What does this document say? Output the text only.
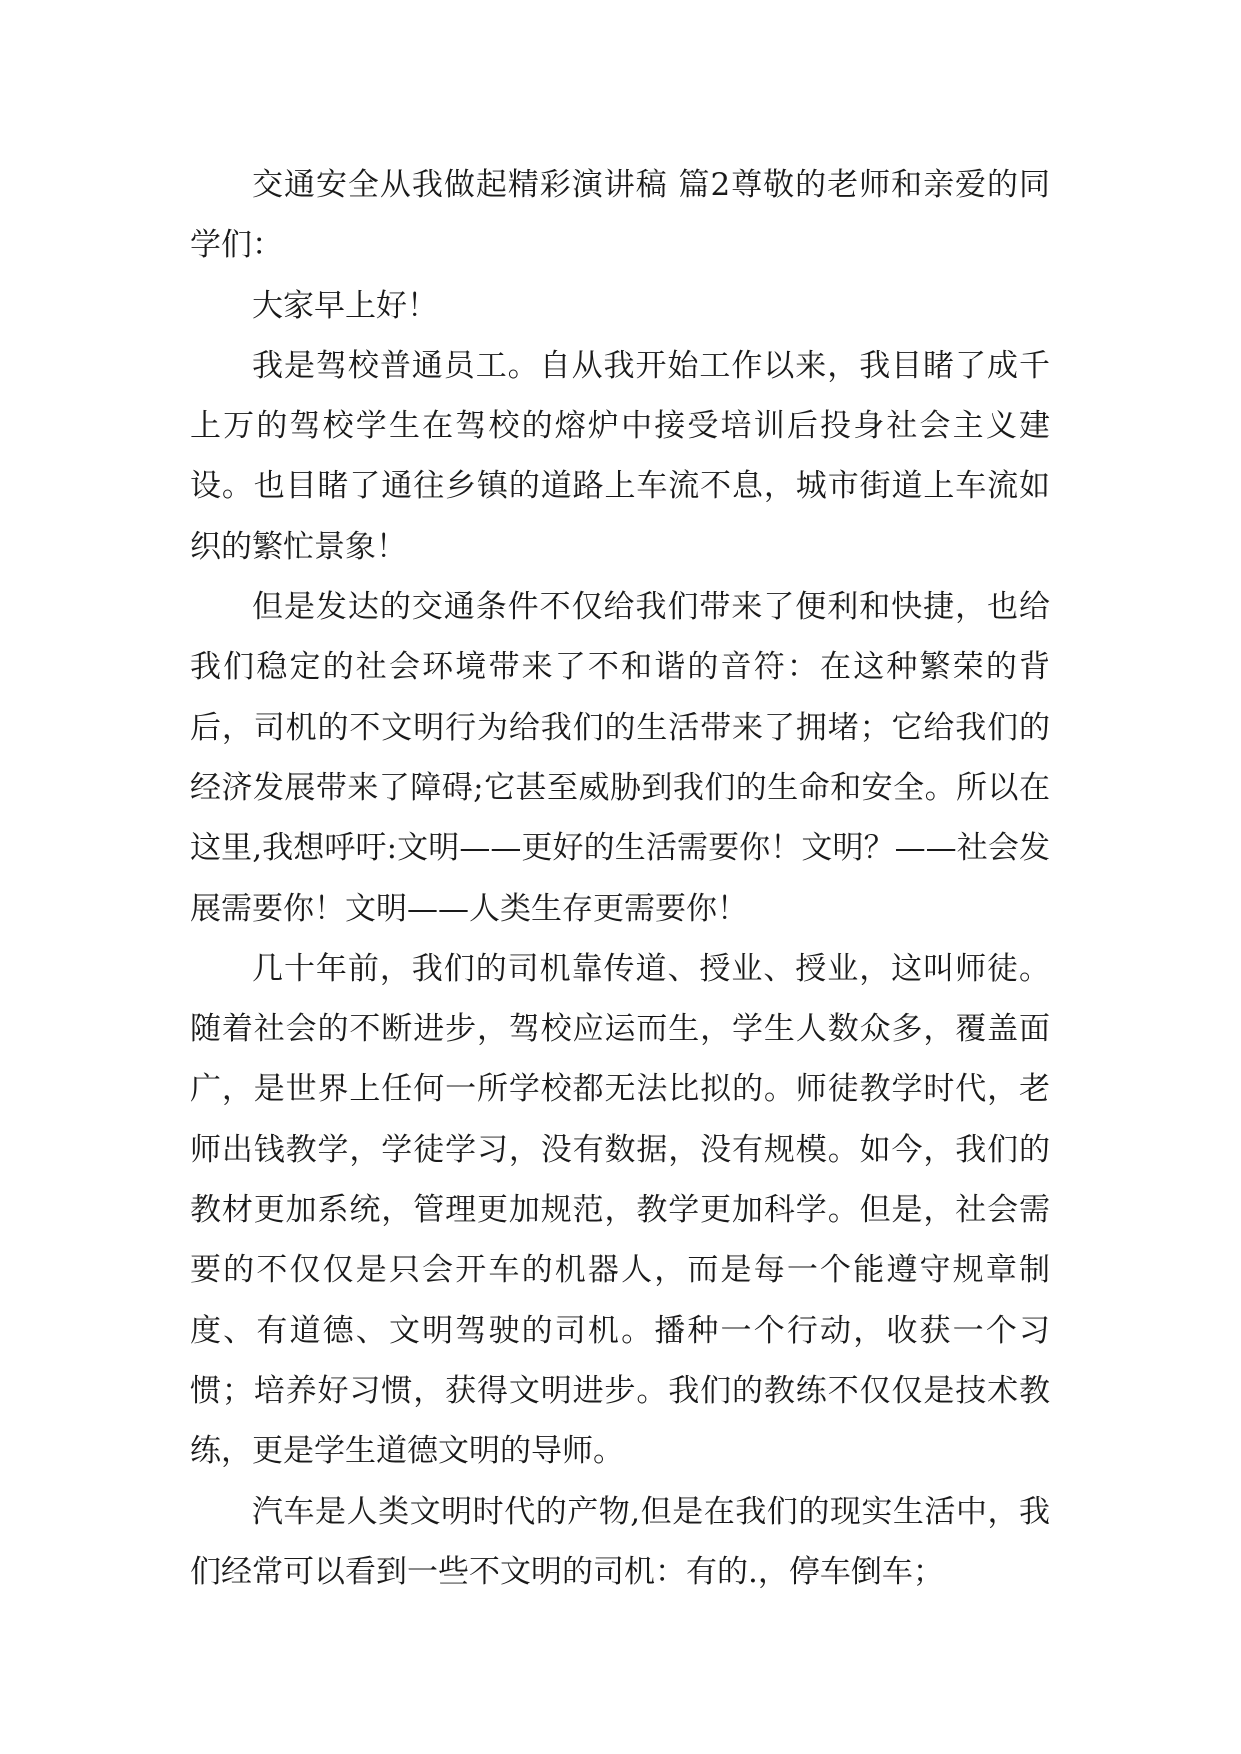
交通安全从我做起精彩演讲稿 篇2尊敬的老师和亲爱的同学们：

大家早上好！

我是驾校普通员工。自从我开始工作以来，我目睹了成千上万的驾校学生在驾校的熔炉中接受培训后投身社会主义建设。也目睹了通往乡镇的道路上车流不息，城市街道上车流如织的繁忙景象！

但是发达的交通条件不仅给我们带来了便利和快捷，也给我们稳定的社会环境带来了不和谐的音符：在这种繁荣的背后，司机的不文明行为给我们的生活带来了拥堵；它给我们的经济发展带来了障碍;它甚至威胁到我们的生命和安全。所以在这里,我想呼吁:文明——更好的生活需要你！文明？——社会发展需要你！文明——人类生存更需要你！

几十年前，我们的司机靠传道、授业、授业，这叫师徒。随着社会的不断进步，驾校应运而生，学生人数众多，覆盖面广，是世界上任何一所学校都无法比拟的。师徒教学时代，老师出钱教学，学徒学习，没有数据，没有规模。如今，我们的教材更加系统，管理更加规范，教学更加科学。但是，社会需要的不仅仅是只会开车的机器人，而是每一个能遵守规章制度、有道德、文明驾驶的司机。播种一个行动，收获一个习惯；培养好习惯，获得文明进步。我们的教练不仅仅是技术教练，更是学生道德文明的导师。

汽车是人类文明时代的产物,但是在我们的现实生活中，我们经常可以看到一些不文明的司机：有的.，停车倒车；
